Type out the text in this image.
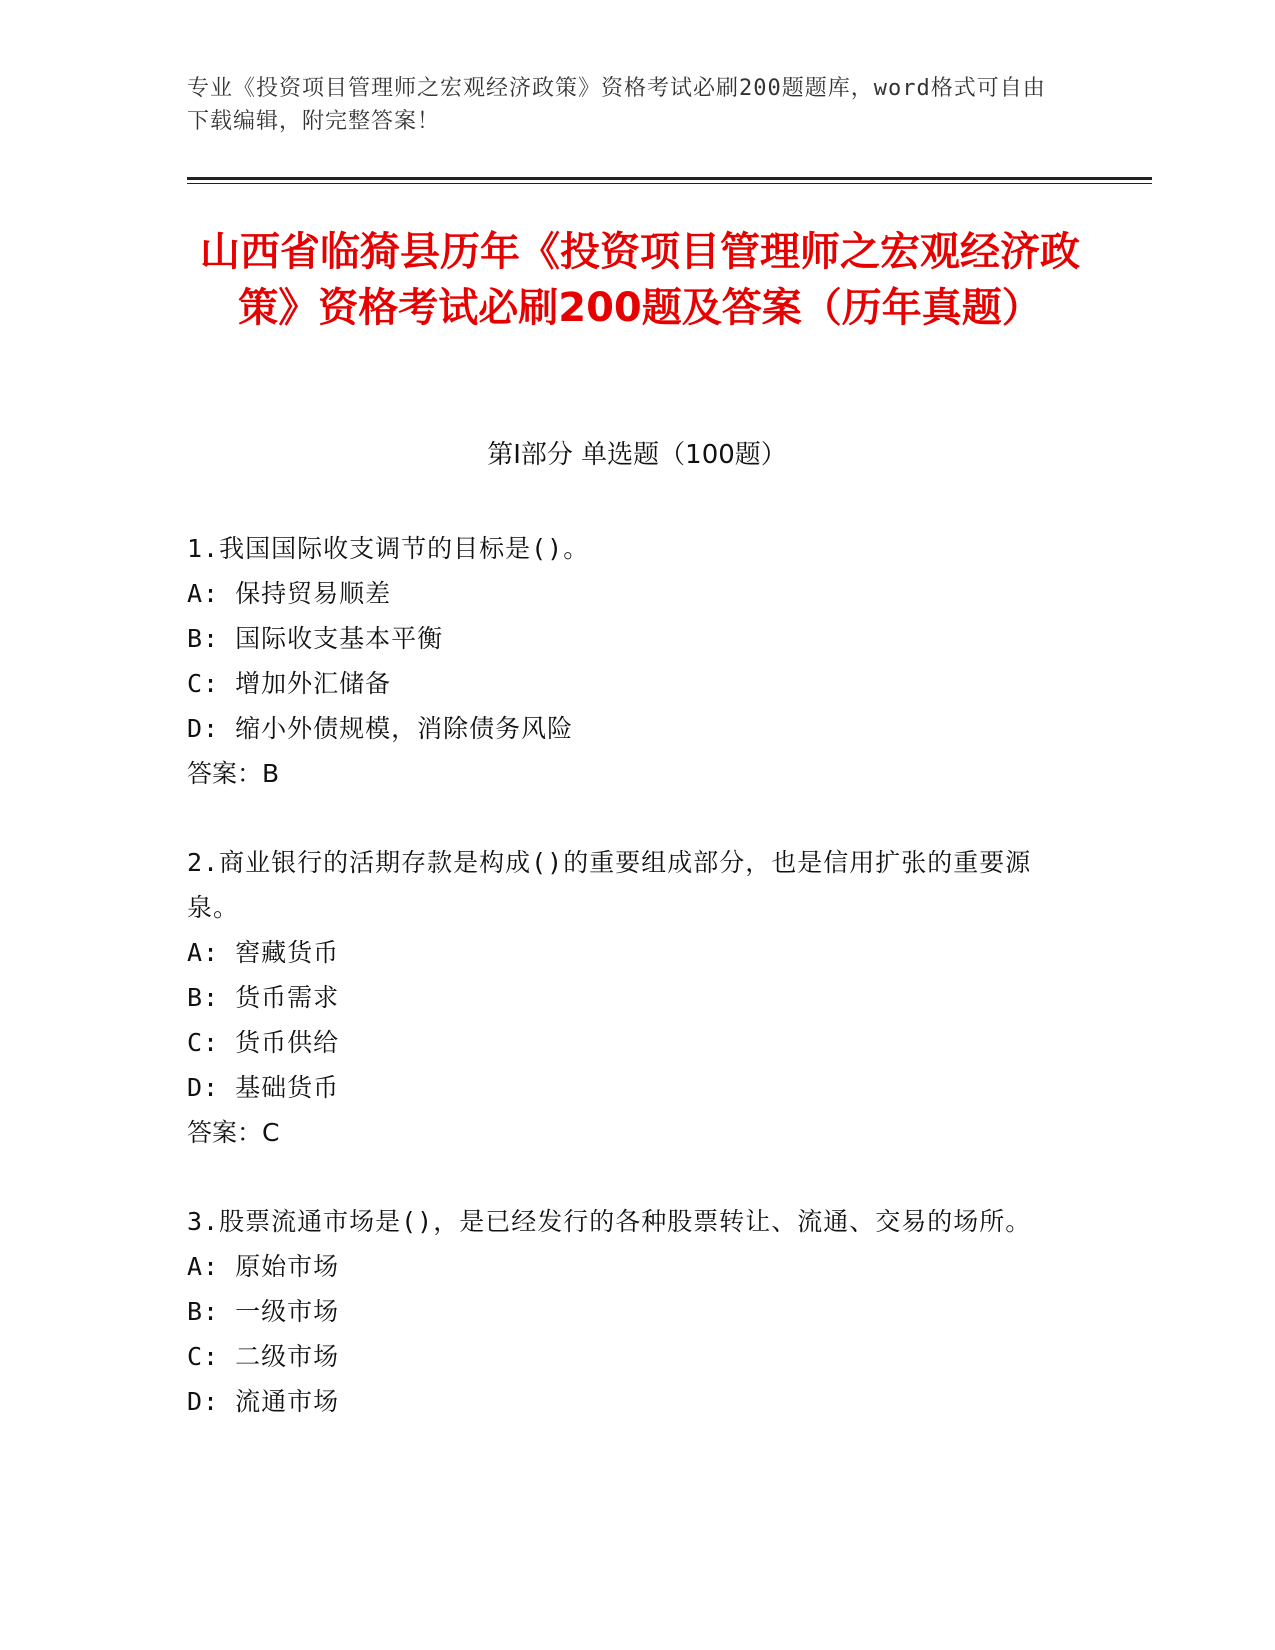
专业《投资项目管理师之宏观经济政策》资格考试必刷200题题库，word格式可自由下载编辑，附完整答案！
山西省临猗县历年《投资项目管理师之宏观经济政策》资格考试必刷200题及答案（历年真题）
第I部分 单选题（100题）
1.我国国际收支调节的目标是()。
A: 保持贸易顺差
B: 国际收支基本平衡
C: 增加外汇储备
D: 缩小外债规模，消除债务风险
答案：B
2.商业银行的活期存款是构成()的重要组成部分，也是信用扩张的重要源泉。
A: 窖藏货币
B: 货币需求
C: 货币供给
D: 基础货币
答案：C
3.股票流通市场是()，是已经发行的各种股票转让、流通、交易的场所。
A: 原始市场
B: 一级市场
C: 二级市场
D: 流通市场
